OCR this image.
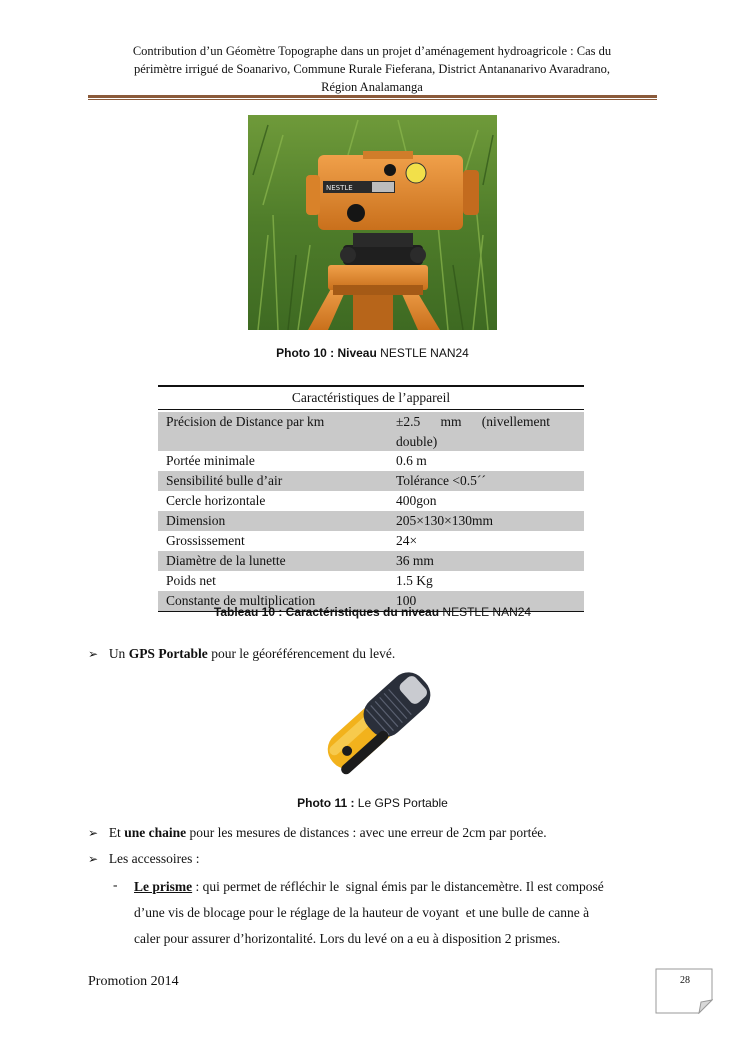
Contribution d’un Géomètre Topographe dans un projet d’aménagement hydroagricole : Cas du
périmètre irrigué de Soanarivo, Commune Rurale Fieferana, District Antananarivo Avaradrano,
Région Analamanga
NESTLE
Photo 10 : Niveau NESTLE NAN24
Caractéristiques de l’appareil
Précision de Distance par km	±2.5      mm      (nivellement
double)
Portée minimale	0.6 m
Sensibilité bulle d’air	Tolérance <0.5´´
Cercle horizontale	400gon
Dimension	205×130×130mm
Grossissement	24×
Diamètre de la lunette	36 mm
Poids net	1.5 Kg
Constante de multiplication	100
Tableau 10 : Caractéristiques du niveau NESTLE NAN24
➢ Un GPS Portable pour le géoréférencement du levé.
Photo 11 : Le GPS Portable
➢ Et une chaine pour les mesures de distances : avec une erreur de 2cm par portée.
➢ Les accessoires :
- Le prisme : qui permet de réfléchir le  signal émis par le distancemètre. Il est composé
d’une vis de blocage pour le réglage de la hauteur de voyant  et une bulle de canne à
caler pour assurer d’horizontalité. Lors du levé on a eu à disposition 2 prismes.
Promotion 2014	28
